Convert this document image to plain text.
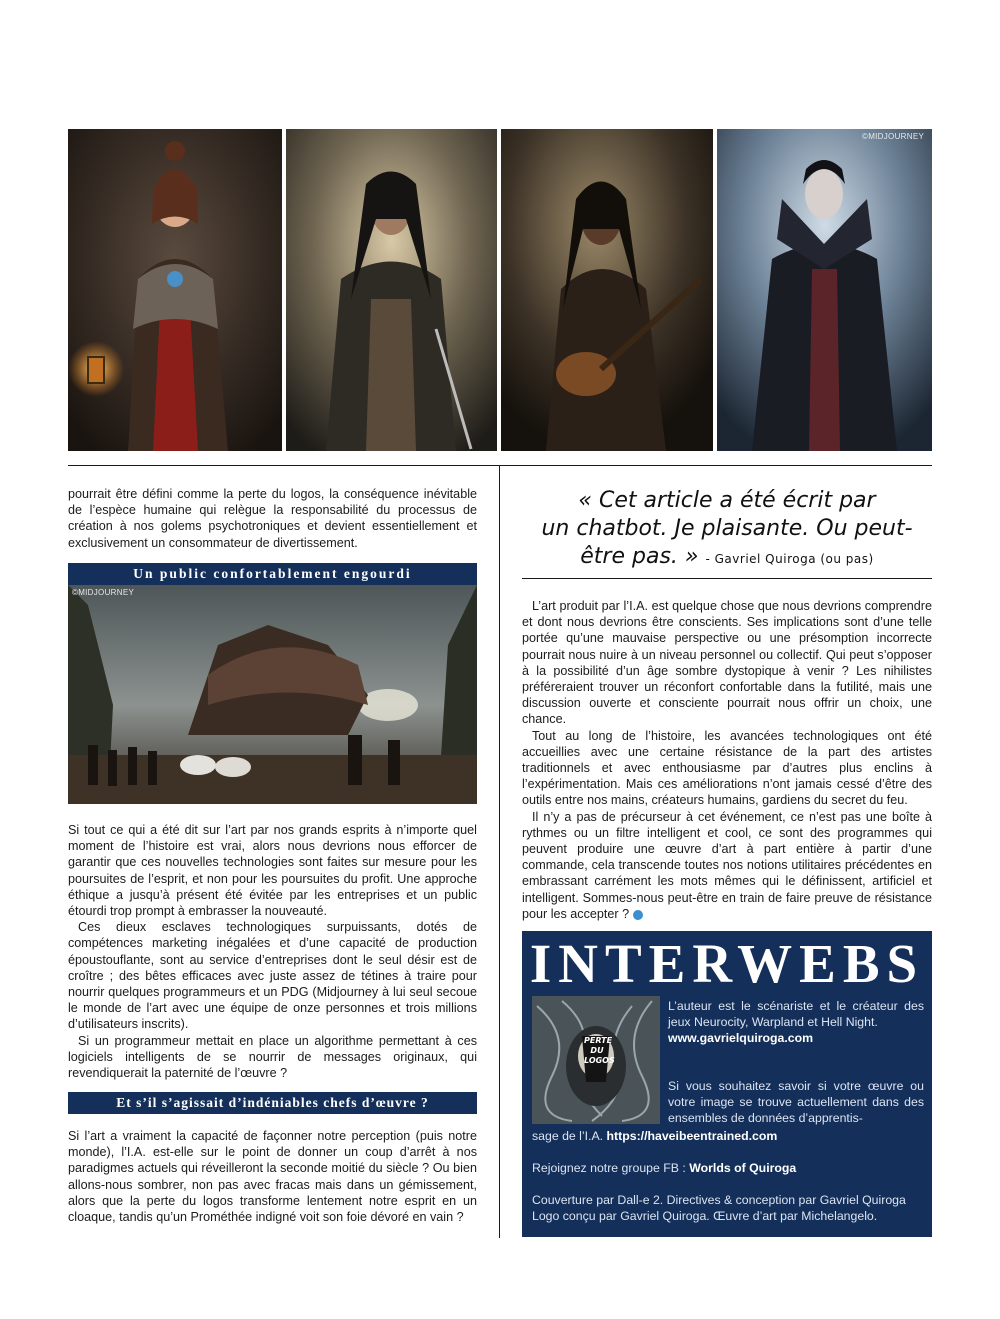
©MIDJOURNEY

pourrait être défini comme la perte du logos, la conséquence inévitable de l’espèce humaine qui relègue la responsabilité du processus de création à nos golems psychotroniques et devient essentiellement et exclusivement un consommateur de divertissement.

Un public confortablement engourdi
©MIDJOURNEY

Si tout ce qui a été dit sur l’art par nos grands esprits à n’importe quel moment de l’histoire est vrai, alors nous devrions nous efforcer de garantir que ces nouvelles technologies sont faites sur mesure pour les poursuites de l’esprit, et non pour les poursuites du profit. Une approche éthique a jusqu’à présent été évitée par les entreprises et un public étourdi trop prompt à embrasser la nouveauté.

Ces dieux esclaves technologiques surpuissants, dotés de compétences marketing inégalées et d’une capacité de production époustouflante, sont au service d’entreprises dont le seul désir est de croître ; des bêtes efficaces avec juste assez de tétines à traire pour nourrir quelques programmeurs et un PDG (Midjourney à lui seul secoue le monde de l’art avec une équipe de onze personnes et trois millions d’utilisateurs inscrits).

Si un programmeur mettait en place un algorithme permettant à ces logiciels intelligents de se nourrir de messages originaux, qui revendiquerait la paternité de l’œuvre ?

Et s’il s’agissait d’indéniables chefs d’œuvre ?

Si l’art a vraiment la capacité de façonner notre perception (puis notre monde), l’I.A. est-elle sur le point de donner un coup d’arrêt à nos paradigmes actuels qui réveilleront la seconde moitié du siècle ? Ou bien allons-nous sombrer, non pas avec fracas mais dans un gémissement, alors que la perte du logos transforme lentement notre esprit en un cloaque, tandis qu’un Prométhée indigné voit son foie dévoré en vain ?

« Cet article a été écrit par
un chatbot. Je plaisante. Ou peut-
être pas. » - Gavriel Quiroga (ou pas)

L’art produit par l’I.A. est quelque chose que nous devrions comprendre et dont nous devrions être conscients. Ses implications sont d’une telle portée qu’une mauvaise perspective ou une présomption incorrecte pourrait nous nuire à un niveau personnel ou collectif. Qui peut s’opposer à la possibilité d’un âge sombre dystopique à venir ? Les nihilistes préféreraient trouver un réconfort confortable dans la futilité, mais une discussion ouverte et consciente pourrait nous offrir un choix, une chance.

Tout au long de l’histoire, les avancées technologiques ont été accueillies avec une certaine résistance de la part des artistes traditionnels et avec enthousiasme par d’autres plus enclins à l’expérimentation. Mais ces améliorations n’ont jamais cessé d’être des outils entre nos mains, créateurs humains, gardiens du secret du feu.

Il n’y a pas de précurseur à cet événement, ce n’est pas une boîte à rythmes ou un filtre intelligent et cool, ce sont des programmes qui peuvent produire une œuvre d’art à part entière à partir d’une commande, cela transcende toutes nos notions utilitaires précédentes en embrassant carrément les mots mêmes qui le définissent, artificiel et intelligent. Sommes-nous peut-être en train de faire preuve de résistance pour les accepter ? G

INTERWEBS
PERTE DU LOGOS
L’auteur est le scénariste et le créateur des jeux Neurocity, Warpland et Hell Night.
www.gavrielquiroga.com
Si vous souhaitez savoir si votre œuvre ou votre image se trouve actuellement dans des ensembles de données d’apprentis-
sage de l’I.A. https://haveibeentrained.com
Rejoignez notre groupe FB : Worlds of Quiroga
Couverture par Dall-e 2. Directives & conception par Gavriel Quiroga
Logo conçu par Gavriel Quiroga. Œuvre d’art par Michelangelo.
